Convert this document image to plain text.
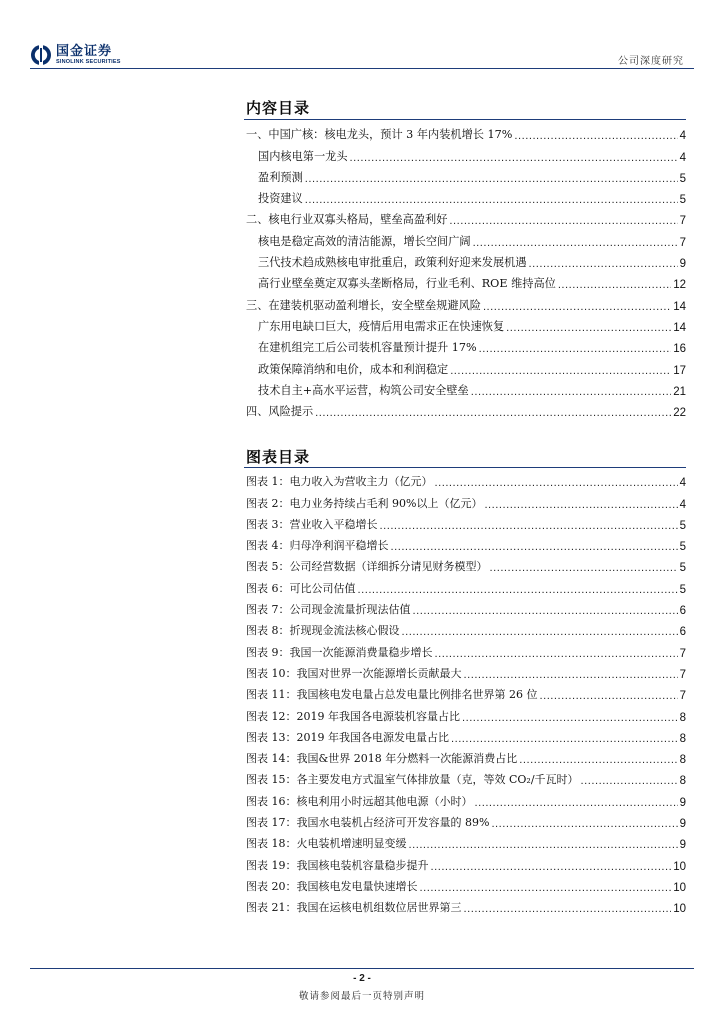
国金证券
SINOLINK SECURITIES	公司深度研究
内容目录
一、中国广核：核电龙头，预计 3 年内装机增长 17% .....	4
国内核电第一龙头 .....	4
盈利预测 .....	5
投资建议 .....	5
二、核电行业双寡头格局，壁垒高盈利好 .....	7
核电是稳定高效的清洁能源，增长空间广阔 .....	7
三代技术趋成熟核电审批重启，政策利好迎来发展机遇 .....	9
高行业壁垒奠定双寡头垄断格局，行业毛利、ROE 维持高位 .....	12
三、在建装机驱动盈利增长，安全壁垒规避风险 .....	14
广东用电缺口巨大，疫情后用电需求正在快速恢复 .....	14
在建机组完工后公司装机容量预计提升 17% .....	16
政策保障消纳和电价，成本和利润稳定 .....	17
技术自主+高水平运营，构筑公司安全壁垒 .....	21
四、风险提示 .....	22
图表目录
图表 1：电力收入为营收主力（亿元） .....	4
图表 2：电力业务持续占毛利 90%以上（亿元） .....	4
图表 3：营业收入平稳增长 .....	5
图表 4：归母净利润平稳增长 .....	5
图表 5：公司经营数据（详细拆分请见财务模型） .....	5
图表 6：可比公司估值 .....	5
图表 7：公司现金流量折现法估值 .....	6
图表 8：折现现金流法核心假设 .....	6
图表 9：我国一次能源消费量稳步增长 .....	7
图表 10：我国对世界一次能源增长贡献最大 .....	7
图表 11：我国核电发电量占总发电量比例排名世界第 26 位 .....	7
图表 12：2019 年我国各电源装机容量占比 .....	8
图表 13：2019 年我国各电源发电量占比 .....	8
图表 14：我国&世界 2018 年分燃料一次能源消费占比 .....	8
图表 15：各主要发电方式温室气体排放量（克，等效 CO₂/千瓦时） .....	8
图表 16：核电利用小时远超其他电源（小时） .....	9
图表 17：我国水电装机占经济可开发容量的 89% .....	9
图表 18：火电装机增速明显变缓 .....	9
图表 19：我国核电装机容量稳步提升 .....	10
图表 20：我国核电发电量快速增长 .....	10
图表 21：我国在运核电机组数位居世界第三 .....	10
- 2 -
敬请参阅最后一页特别声明
